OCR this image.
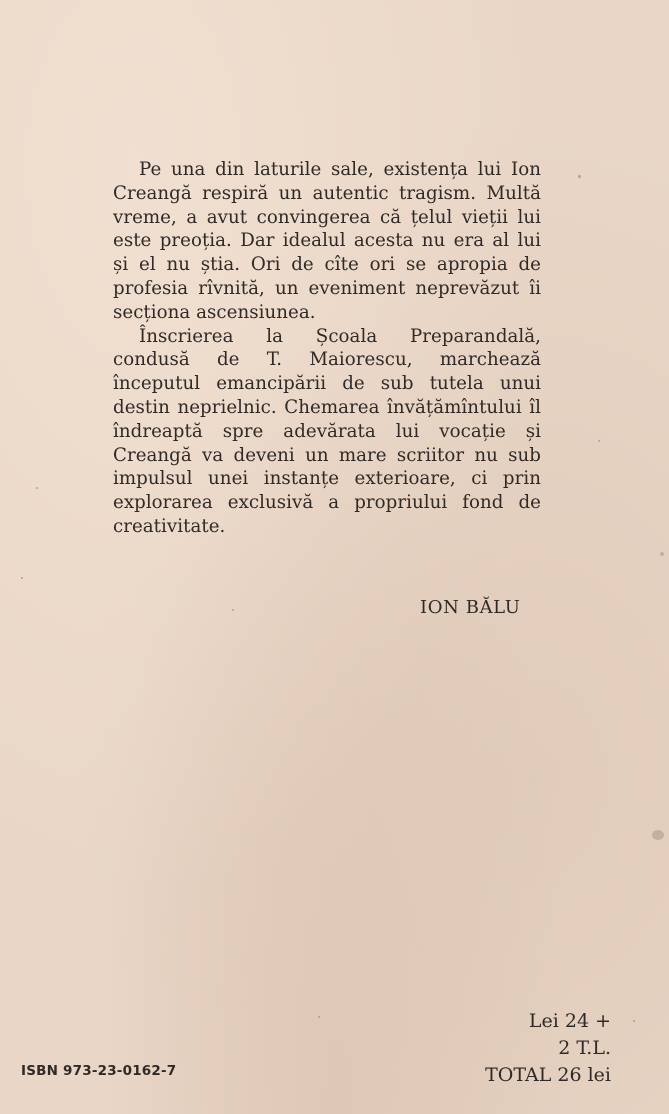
Pe una din laturile sale, existența lui Ion Creangă respiră un autentic tragism. Multă vreme, a avut convingerea că țelul vieții lui este preoția. Dar idealul acesta nu era al lui și el nu știa. Ori de cîte ori se apropia de profesia rîvnită, un eveniment neprevăzut îi secționa ascensiunea.

Înscrierea la Școala Preparandală, condusă de T. Maiorescu, marchează începutul emancipării de sub tutela unui destin neprielnic. Chemarea învățămîntului îl îndreaptă spre adevărata lui vocație și Creangă va deveni un mare scriitor nu sub impulsul unei instanțe exterioare, ci prin explorarea exclusivă a propriului fond de creativitate.

ION BĂLU
ISBN 973-23-0162-7
Lei 24 +
2 T.L.
TOTAL 26 lei
